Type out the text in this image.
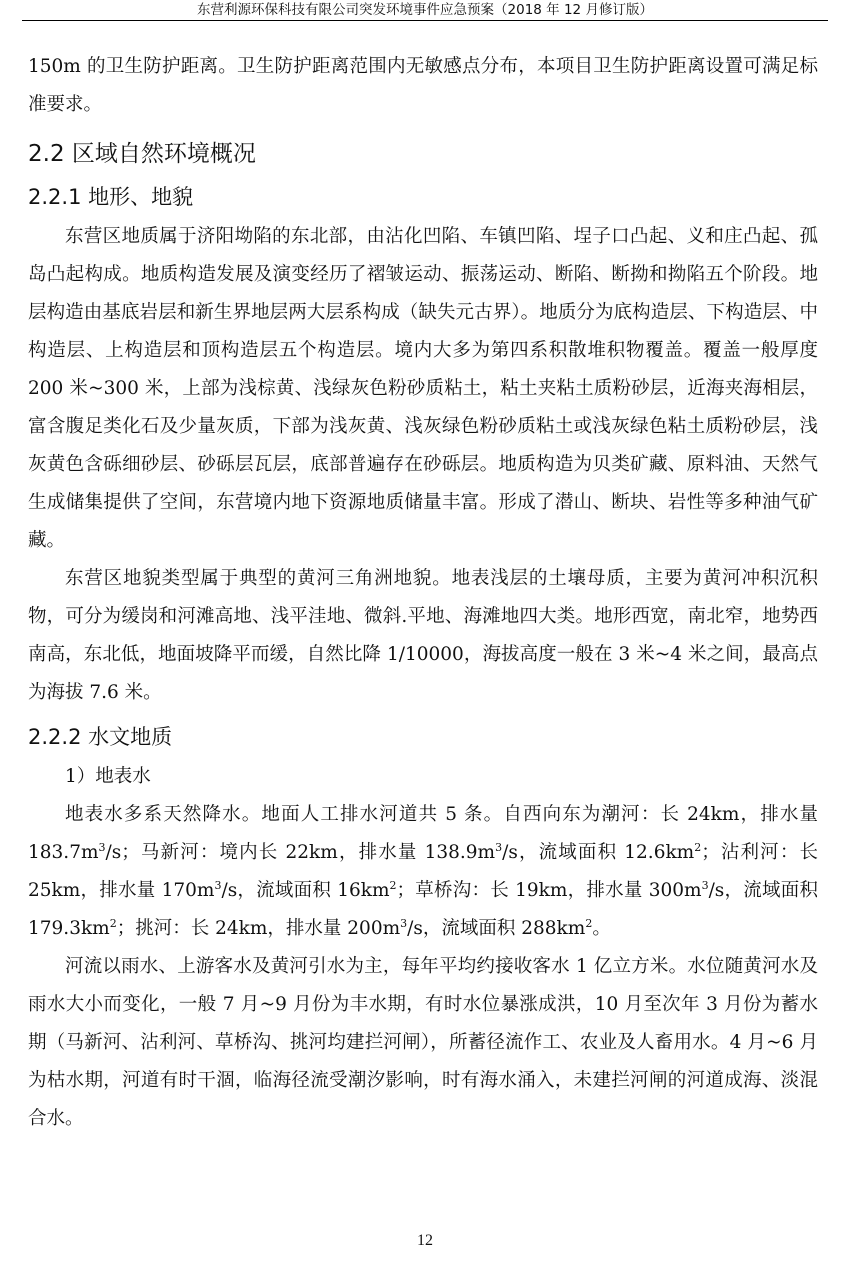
东营利源环保科技有限公司突发环境事件应急预案（2018 年 12 月修订版）

150m 的卫生防护距离。卫生防护距离范围内无敏感点分布，本项目卫生防护距离设置可满足标准要求。

2.2 区域自然环境概况
2.2.1 地形、地貌

东营区地质属于济阳坳陷的东北部，由沾化凹陷、车镇凹陷、埕子口凸起、义和庄凸起、孤岛凸起构成。地质构造发展及演变经历了褶皱运动、振荡运动、断陷、断拗和拗陷五个阶段。地层构造由基底岩层和新生界地层两大层系构成（缺失元古界）。地质分为底构造层、下构造层、中构造层、上构造层和顶构造层五个构造层。境内大多为第四系积散堆积物覆盖。覆盖一般厚度 200 米~300 米，上部为浅棕黄、浅绿灰色粉砂质粘土，粘土夹粘土质粉砂层，近海夹海相层，富含腹足类化石及少量灰质，下部为浅灰黄、浅灰绿色粉砂质粘土或浅灰绿色粘土质粉砂层，浅灰黄色含砾细砂层、砂砾层瓦层，底部普遍存在砂砾层。地质构造为贝类矿藏、原料油、天然气生成储集提供了空间，东营境内地下资源地质储量丰富。形成了潜山、断块、岩性等多种油气矿藏。

东营区地貌类型属于典型的黄河三角洲地貌。地表浅层的土壤母质，主要为黄河冲积沉积物，可分为缓岗和河滩高地、浅平洼地、微斜.平地、海滩地四大类。地形西宽，南北窄，地势西南高，东北低，地面坡降平而缓，自然比降 1/10000，海拔高度一般在 3 米~4 米之间，最高点为海拔 7.6 米。

2.2.2 水文地质

1）地表水

地表水多系天然降水。地面人工排水河道共 5 条。自西向东为潮河：长 24km，排水量 $183.7m^3/s$；马新河：境内长 22km，排水量 $138.9m^3/s$，流域面积 $12.6km^2$；沾利河：长 25km，排水量 $170m^3/s$，流域面积 $16km^2$；草桥沟：长 19km，排水量 $300m^3/s$，流域面积 $179.3km^2$；挑河：长 24km，排水量 $200m^3/s$，流域面积 $288km^2$。

河流以雨水、上游客水及黄河引水为主，每年平均约接收客水 1 亿立方米。水位随黄河水及雨水大小而变化，一般 7 月~9 月份为丰水期，有时水位暴涨成洪，10 月至次年 3 月份为蓄水期（马新河、沾利河、草桥沟、挑河均建拦河闸），所蓄径流作工、农业及人畜用水。4 月~6 月为枯水期，河道有时干涸，临海径流受潮汐影响，时有海水涌入，未建拦河闸的河道成海、淡混合水。

12
